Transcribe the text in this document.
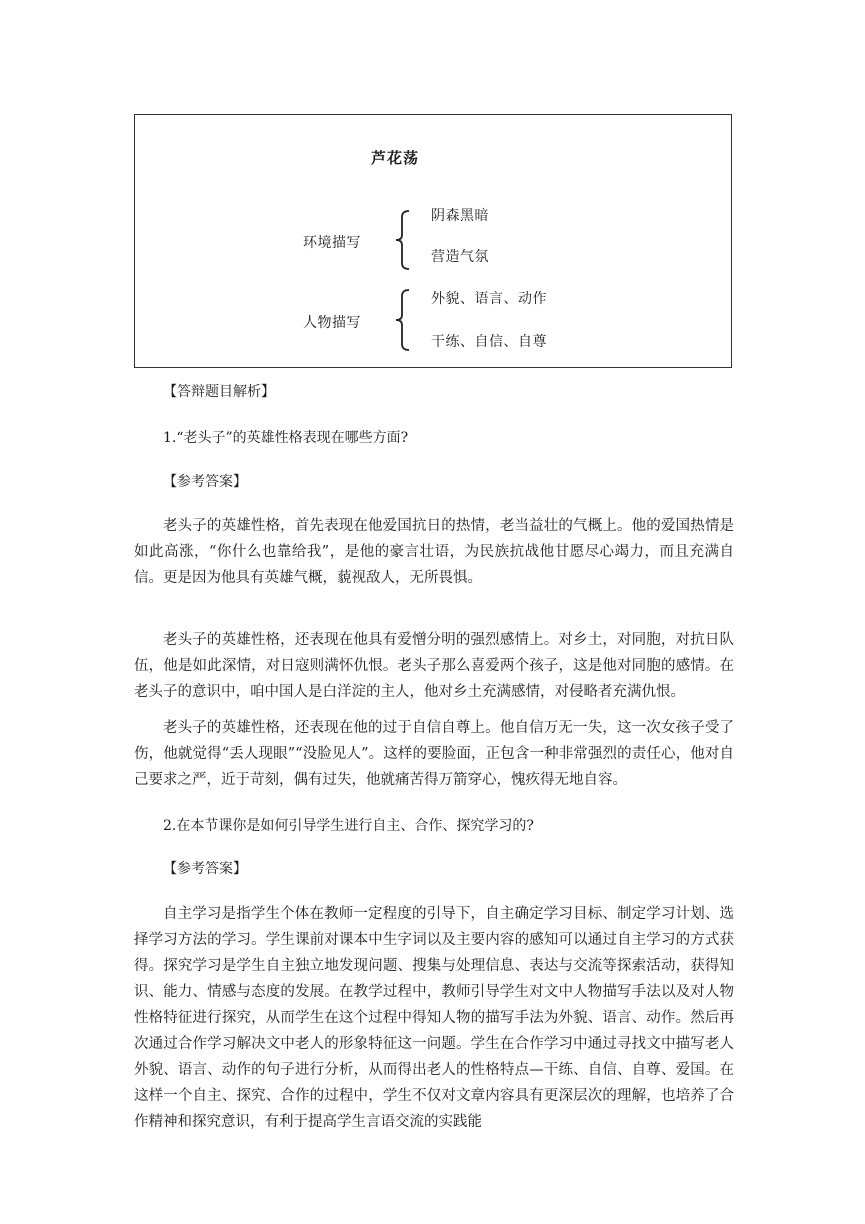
芦花荡
环境描写
阴森黑暗
营造气氛
人物描写
外貌、语言、动作
干练、自信、自尊
【答辩题目解析】
1.“老头子”的英雄性格表现在哪些方面?
【参考答案】

老头子的英雄性格，首先表现在他爱国抗日的热情，老当益壮的气概上。他的爱国热情是如此高涨，“你什么也靠给我”，是他的豪言壮语，为民族抗战他甘愿尽心竭力，而且充满自信。更是因为他具有英雄气概，藐视敌人，无所畏惧。

老头子的英雄性格，还表现在他具有爱憎分明的强烈感情上。对乡土，对同胞，对抗日队伍，他是如此深情，对日寇则满怀仇恨。老头子那么喜爱两个孩子，这是他对同胞的感情。在老头子的意识中，咱中国人是白洋淀的主人，他对乡土充满感情，对侵略者充满仇恨。

老头子的英雄性格，还表现在他的过于自信自尊上。他自信万无一失，这一次女孩子受了伤，他就觉得“丢人现眼”“没脸见人”。这样的要脸面，正包含一种非常强烈的责任心，他对自己要求之严，近于苛刻，偶有过失，他就痛苦得万箭穿心，愧疚得无地自容。

2.在本节课你是如何引导学生进行自主、合作、探究学习的?
【参考答案】

自主学习是指学生个体在教师一定程度的引导下，自主确定学习目标、制定学习计划、选择学习方法的学习。学生课前对课本中生字词以及主要内容的感知可以通过自主学习的方式获得。探究学习是学生自主独立地发现问题、搜集与处理信息、表达与交流等探索活动，获得知识、能力、情感与态度的发展。在教学过程中，教师引导学生对文中人物描写手法以及对人物性格特征进行探究，从而学生在这个过程中得知人物的描写手法为外貌、语言、动作。然后再次通过合作学习解决文中老人的形象特征这一问题。学生在合作学习中通过寻找文中描写老人外貌、语言、动作的句子进行分析，从而得出老人的性格特点—干练、自信、自尊、爱国。在这样一个自主、探究、合作的过程中，学生不仅对文章内容具有更深层次的理解，也培养了合作精神和探究意识，有利于提高学生言语交流的实践能
